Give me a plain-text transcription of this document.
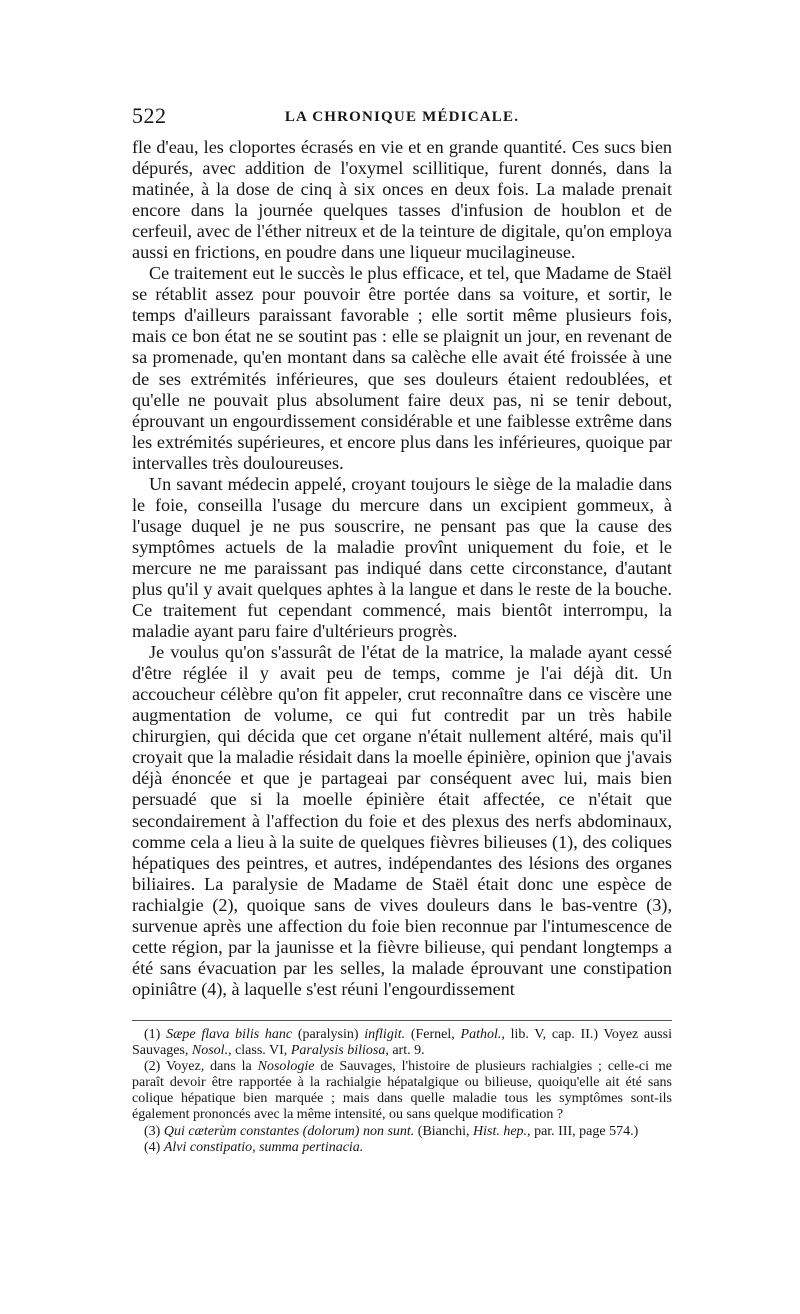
522	LA CHRONIQUE MÉDICALE.

fle d'eau, les cloportes écrasés en vie et en grande quantité. Ces sucs bien dépurés, avec addition de l'oxymel scillitique, furent donnés, dans la matinée, à la dose de cinq à six onces en deux fois. La malade prenait encore dans la journée quelques tasses d'infusion de houblon et de cerfeuil, avec de l'éther nitreux et de la teinture de digitale, qu'on employa aussi en frictions, en poudre dans une liqueur mucilagineuse.

Ce traitement eut le succès le plus efficace, et tel, que Madame de Staël se rétablit assez pour pouvoir être portée dans sa voiture, et sortir, le temps d'ailleurs paraissant favorable ; elle sortit même plusieurs fois, mais ce bon état ne se soutint pas : elle se plaignit un jour, en revenant de sa promenade, qu'en montant dans sa calèche elle avait été froissée à une de ses extrémités inférieures, que ses douleurs étaient redoublées, et qu'elle ne pouvait plus absolument faire deux pas, ni se tenir debout, éprouvant un engourdissement considérable et une faiblesse extrême dans les extrémités supérieures, et encore plus dans les inférieures, quoique par intervalles très douloureuses.

Un savant médecin appelé, croyant toujours le siège de la maladie dans le foie, conseilla l'usage du mercure dans un excipient gommeux, à l'usage duquel je ne pus souscrire, ne pensant pas que la cause des symptômes actuels de la maladie provînt uniquement du foie, et le mercure ne me paraissant pas indiqué dans cette circonstance, d'autant plus qu'il y avait quelques aphtes à la langue et dans le reste de la bouche. Ce traitement fut cependant commencé, mais bientôt interrompu, la maladie ayant paru faire d'ultérieurs progrès.

Je voulus qu'on s'assurât de l'état de la matrice, la malade ayant cessé d'être réglée il y avait peu de temps, comme je l'ai déjà dit. Un accoucheur célèbre qu'on fit appeler, crut reconnaître dans ce viscère une augmentation de volume, ce qui fut contredit par un très habile chirurgien, qui décida que cet organe n'était nullement altéré, mais qu'il croyait que la maladie résidait dans la moelle épinière, opinion que j'avais déjà énoncée et que je partageai par conséquent avec lui, mais bien persuadé que si la moelle épinière était affectée, ce n'était que secondairement à l'affection du foie et des plexus des nerfs abdominaux, comme cela a lieu à la suite de quelques fièvres bilieuses (1), des coliques hépatiques des peintres, et autres, indépendantes des lésions des organes biliaires. La paralysie de Madame de Staël était donc une espèce de rachialgie (2), quoique sans de vives douleurs dans le bas-ventre (3), survenue après une affection du foie bien reconnue par l'intumescence de cette région, par la jaunisse et la fièvre bilieuse, qui pendant longtemps a été sans évacuation par les selles, la malade éprouvant une constipation opiniâtre (4), à laquelle s'est réuni l'engourdissement

(1) Sæpe flava bilis hanc (paralysin) infligit. (Fernel, Pathol., lib. V, cap. II.) Voyez aussi Sauvages, Nosol., class. VI, Paralysis biliosa, art. 9.

(2) Voyez, dans la Nosologie de Sauvages, l'histoire de plusieurs rachialgies ; celle-ci me paraît devoir être rapportée à la rachialgie hépatalgique ou bilieuse, quoiqu'elle ait été sans colique hépatique bien marquée ; mais dans quelle maladie tous les symptômes sont-ils également prononcés avec la même intensité, ou sans quelque modification ?

(3) Qui cæterùm constantes (dolorum) non sunt. (Bianchi, Hist. hep., par. III, page 574.)

(4) Alvi constipatio, summa pertinacia.
